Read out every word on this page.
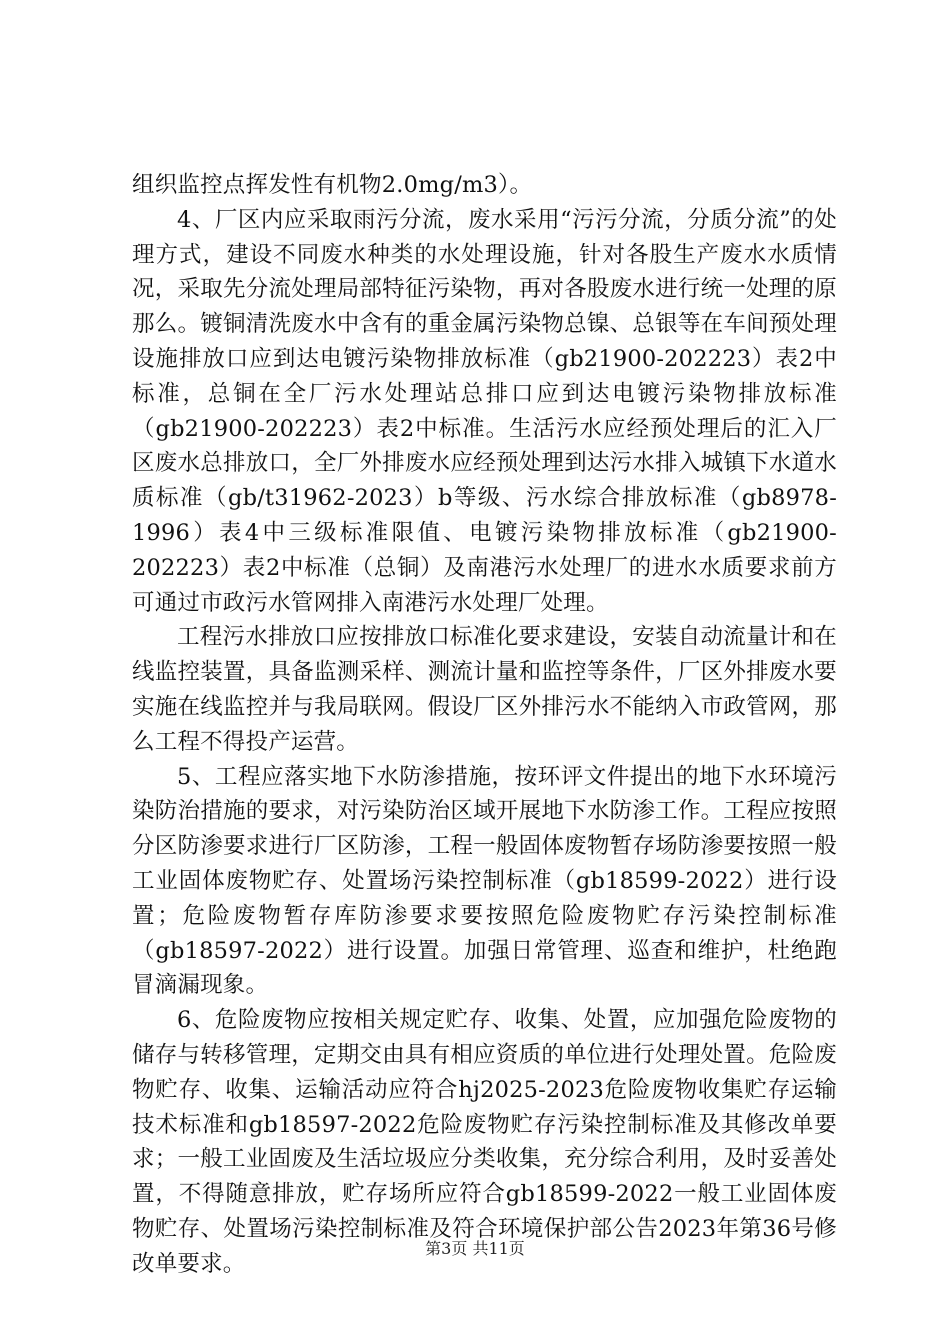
组织监控点挥发性有机物2.0mg/m3）。

4、厂区内应采取雨污分流，废水采用“污污分流，分质分流”的处理方式，建设不同废水种类的水处理设施，针对各股生产废水水质情况，采取先分流处理局部特征污染物，再对各股废水进行统一处理的原那么。镀铜清洗废水中含有的重金属污染物总镍、总银等在车间预处理设施排放口应到达电镀污染物排放标准（gb21900-202223）表2中标准，总铜在全厂污水处理站总排口应到达电镀污染物排放标准（gb21900-202223）表2中标准。生活污水应经预处理后的汇入厂区废水总排放口，全厂外排废水应经预处理到达污水排入城镇下水道水质标准（gb/t31962-2023）b等级、污水综合排放标准（gb8978-1996）表4中三级标准限值、电镀污染物排放标准（gb21900-202223）表2中标准（总铜）及南港污水处理厂的进水水质要求前方可通过市政污水管网排入南港污水处理厂处理。

工程污水排放口应按排放口标准化要求建设，安装自动流量计和在线监控装置，具备监测采样、测流计量和监控等条件，厂区外排废水要实施在线监控并与我局联网。假设厂区外排污水不能纳入市政管网，那么工程不得投产运营。

5、工程应落实地下水防渗措施，按环评文件提出的地下水环境污染防治措施的要求，对污染防治区域开展地下水防渗工作。工程应按照分区防渗要求进行厂区防渗，工程一般固体废物暂存场防渗要按照一般工业固体废物贮存、处置场污染控制标准（gb18599-2022）进行设置；危险废物暂存库防渗要求要按照危险废物贮存污染控制标准（gb18597-2022）进行设置。加强日常管理、巡查和维护，杜绝跑冒滴漏现象。

6、危险废物应按相关规定贮存、收集、处置，应加强危险废物的储存与转移管理，定期交由具有相应资质的单位进行处理处置。危险废物贮存、收集、运输活动应符合hj2025-2023危险废物收集贮存运输技术标准和gb18597-2022危险废物贮存污染控制标准及其修改单要求；一般工业固废及生活垃圾应分类收集，充分综合利用，及时妥善处置，不得随意排放，贮存场所应符合gb18599-2022一般工业固体废物贮存、处置场污染控制标准及符合环境保护部公告2023年第36号修改单要求。

第3页 共11页
